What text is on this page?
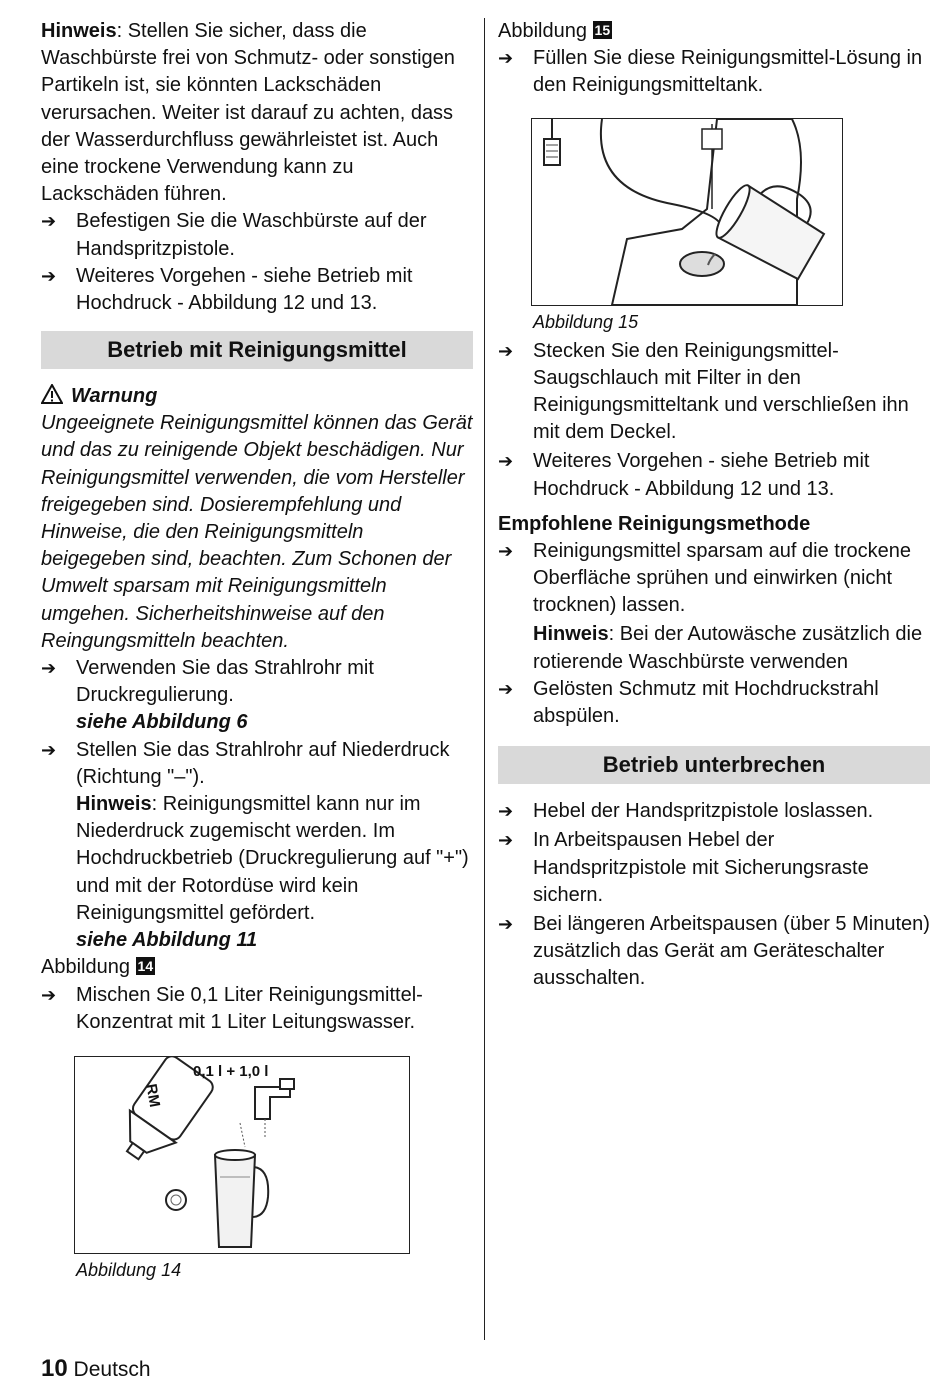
Hinweis: Stellen Sie sicher, dass die Waschbürste frei von Schmutz- oder sonstigen Partikeln ist, sie könnten Lackschäden verursachen. Weiter ist darauf zu achten, dass der Wasserdurchfluss gewährleistet ist. Auch eine trockene Verwendung kann zu Lackschäden führen.

➔ Befestigen Sie die Waschbürste auf der Handspritzpistole.
➔ Weiteres Vorgehen - siehe Betrieb mit Hochdruck - Abbildung 12 und 13.
Betrieb mit Reinigungsmittel
Warnung

Ungeeignete Reinigungsmittel können das Gerät und das zu reinigende Objekt beschädigen. Nur Reinigungsmittel verwenden, die vom Hersteller freigegeben sind. Dosierempfehlung und Hinweise, die den Reinigungsmitteln beigegeben sind, beachten. Zum Schonen der Umwelt sparsam mit Reinigungsmitteln umgehen. Sicherheitshinweise auf den Reingungsmitteln beachten.

➔ Verwenden Sie das Strahlrohr mit Druckregulierung.

siehe Abbildung 6

➔ Stellen Sie das Strahlrohr auf Niederdruck (Richtung "–").

Hinweis: Reinigungsmittel kann nur im Niederdruck zugemischt werden. Im Hochdruckbetrieb (Druckregulierung auf "+") und mit der Rotordüse wird kein Reinigungsmittel gefördert.

siehe Abbildung 11

Abbildung 14

➔ Mischen Sie 0,1 Liter Reinigungsmittel-Konzentrat mit 1 Liter Leitungswasser.
0,1 l + 1,0 l
RM
Abbildung 14

Abbildung 15

➔ Füllen Sie diese Reinigungsmittel-Lösung in den Reinigungsmitteltank.
Abbildung 15
➔ Stecken Sie den Reinigungsmittel-Saugschlauch mit Filter in den Reinigungsmitteltank und verschließen ihn mit dem Deckel.
➔ Weiteres Vorgehen - siehe Betrieb mit Hochdruck - Abbildung 12 und 13.
Empfohlene Reinigungsmethode
➔ Reinigungsmittel sparsam auf die trockene Oberfläche sprühen und einwirken (nicht trocknen) lassen.

Hinweis: Bei der Autowäsche zusätzlich die rotierende Waschbürste verwenden

➔ Gelösten Schmutz mit Hochdruckstrahl abspülen.
Betrieb unterbrechen
➔ Hebel der Handspritzpistole loslassen.
➔ In Arbeitspausen Hebel der Handspritzpistole mit Sicherungsraste sichern.
➔ Bei längeren Arbeitspausen (über 5 Minuten) zusätzlich das Gerät am Geräteschalter ausschalten.
10 Deutsch
